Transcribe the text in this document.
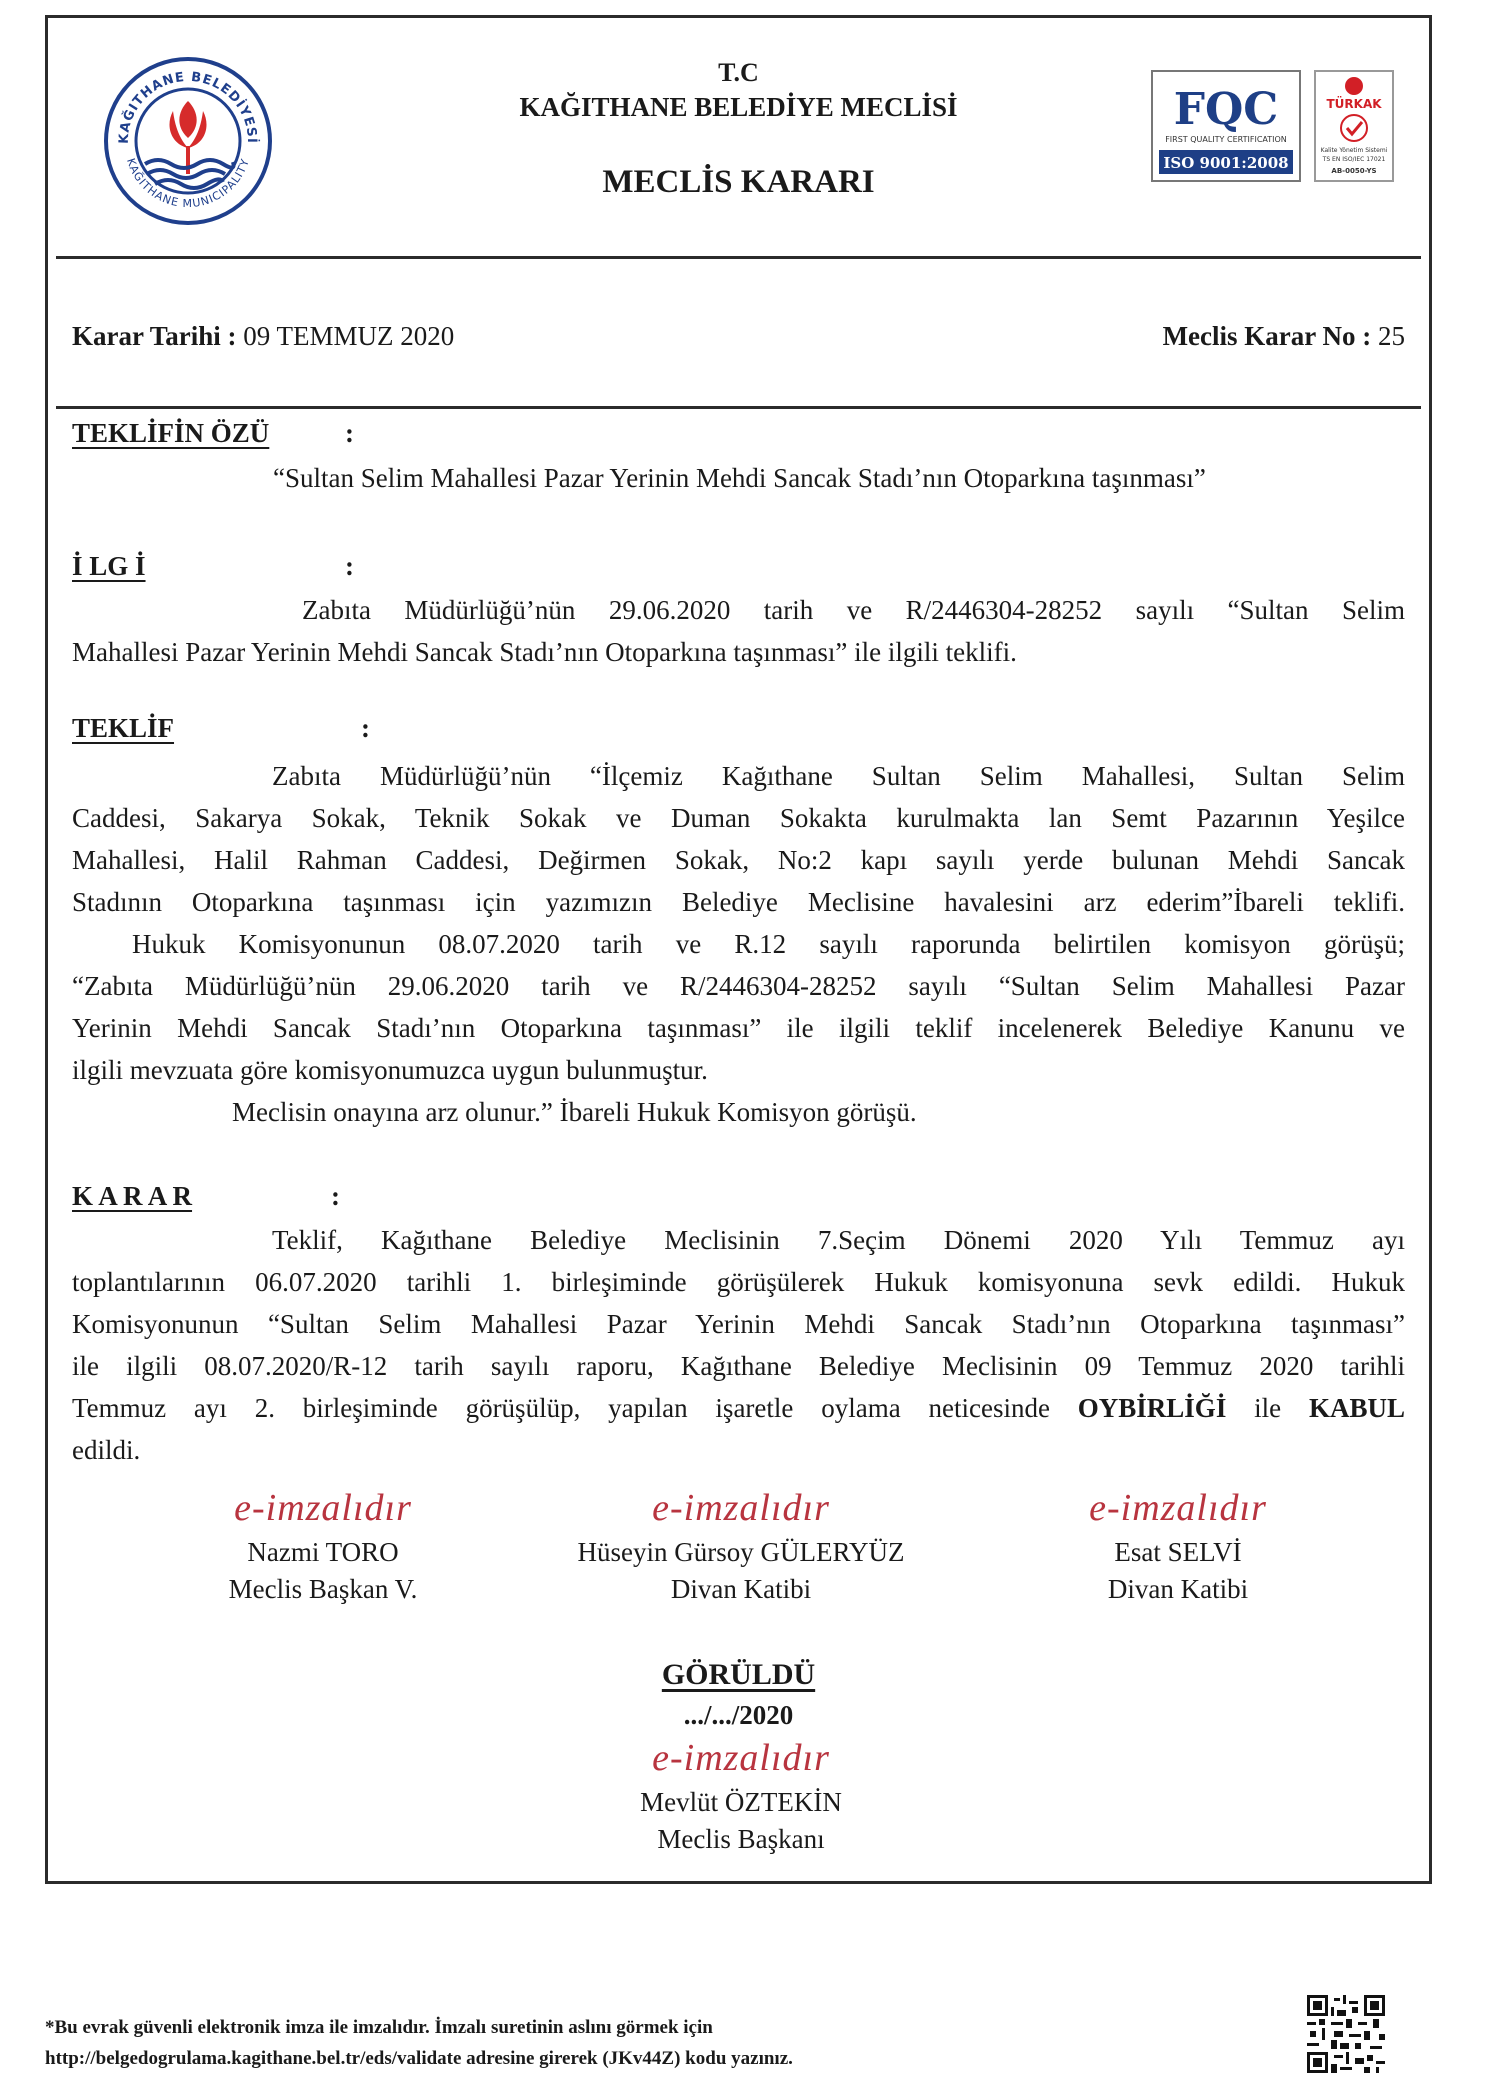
KAĞITHANE BELEDİYESİ
KAĞITHANE MUNICIPALITY
T.C
KAĞITHANE BELEDİYE MECLİSİ
MECLİS KARARI
FQC
FIRST QUALITY CERTIFICATION
ISO 9001:2008
TÜRKAK
Kalite Yönetim Sistemi
TS EN ISO/IEC 17021
AB-0050-YS
Karar Tarihi : 09 TEMMUZ 2020	Meclis Karar No : 25
TEKLİFİN ÖZÜ	:
“Sultan Selim Mahallesi Pazar Yerinin Mehdi Sancak Stadı’nın Otoparkına taşınması”
İ LG İ	:
Zabıta Müdürlüğü’nün 29.06.2020 tarih ve R/2446304-28252 sayılı “Sultan Selim
Mahallesi Pazar Yerinin Mehdi Sancak Stadı’nın Otoparkına taşınması” ile ilgili teklifi.
TEKLİF	:
Zabıta Müdürlüğü’nün “İlçemiz Kağıthane Sultan Selim Mahallesi, Sultan Selim
Caddesi, Sakarya Sokak, Teknik Sokak ve Duman Sokakta kurulmakta lan Semt Pazarının Yeşilce
Mahallesi, Halil Rahman Caddesi, Değirmen Sokak, No:2 kapı sayılı yerde bulunan Mehdi Sancak
Stadının Otoparkına taşınması için yazımızın Belediye Meclisine havalesini arz ederim”İbareli teklifi.
Hukuk Komisyonunun 08.07.2020 tarih ve R.12 sayılı raporunda belirtilen komisyon görüşü;
“Zabıta Müdürlüğü’nün 29.06.2020 tarih ve R/2446304-28252 sayılı “Sultan Selim Mahallesi Pazar
Yerinin Mehdi Sancak Stadı’nın Otoparkına taşınması” ile ilgili teklif incelenerek Belediye Kanunu ve
ilgili mevzuata göre komisyonumuzca uygun bulunmuştur.
Meclisin onayına arz olunur.” İbareli Hukuk Komisyon görüşü.
K A R A R	:
Teklif, Kağıthane Belediye Meclisinin 7.Seçim Dönemi 2020 Yılı Temmuz ayı
toplantılarının 06.07.2020 tarihli 1. birleşiminde görüşülerek Hukuk komisyonuna sevk edildi. Hukuk
Komisyonunun “Sultan Selim Mahallesi Pazar Yerinin Mehdi Sancak Stadı’nın Otoparkına taşınması”
ile ilgili 08.07.2020/R-12 tarih sayılı raporu, Kağıthane Belediye Meclisinin 09 Temmuz 2020 tarihli
Temmuz ayı 2. birleşiminde görüşülüp, yapılan işaretle oylama neticesinde OYBİRLİĞİ ile KABUL
edildi.
e-imzalıdır
Nazmi TORO
Meclis Başkan V.
e-imzalıdır
Hüseyin Gürsoy GÜLERYÜZ
Divan Katibi
e-imzalıdır
Esat SELVİ
Divan Katibi
GÖRÜLDÜ
.../.../2020
e-imzalıdır
Mevlüt ÖZTEKİN
Meclis Başkanı
*Bu evrak güvenli elektronik imza ile imzalıdır. İmzalı suretinin aslını görmek için
http://belgedogrulama.kagithane.bel.tr/eds/validate adresine girerek (JKv44Z) kodu yazınız.
